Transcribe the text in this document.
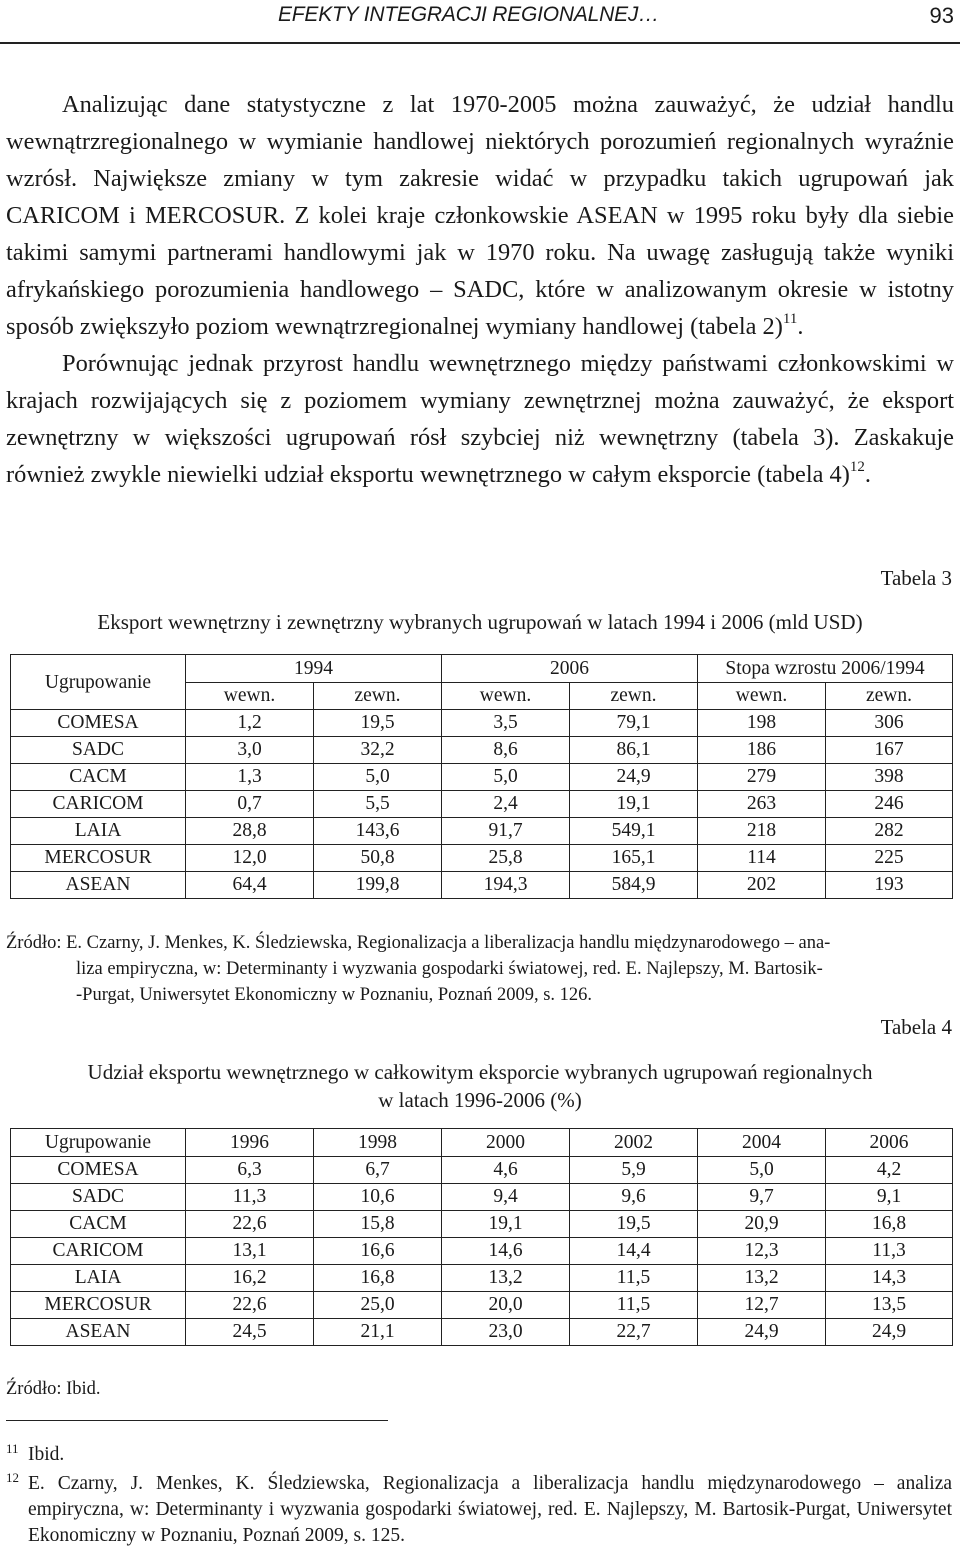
EFEKTY INTEGRACJI REGIONALNEJ…	93

Analizując dane statystyczne z lat 1970-2005 można zauważyć, że udział handlu wewnątrzregionalnego w wymianie handlowej niektórych porozumień regionalnych wyraźnie wzrósł. Największe zmiany w tym zakresie widać w przypadku takich ugrupowań jak CARICOM i MERCOSUR. Z kolei kraje członkowskie ASEAN w 1995 roku były dla siebie takimi samymi partnerami handlowymi jak w 1970 roku. Na uwagę zasługują także wyniki afrykańskiego porozumienia handlowego – SADC, które w analizowanym okresie w istotny sposób zwiększyło poziom wewnątrzregionalnej wymiany handlowej (tabela 2)$^{11}$.

Porównując jednak przyrost handlu wewnętrznego między państwami członkowskimi w krajach rozwijających się z poziomem wymiany zewnętrznej można zauważyć, że eksport zewnętrzny w większości ugrupowań rósł szybciej niż wewnętrzny (tabela 3). Zaskakuje również zwykle niewielki udział eksportu wewnętrznego w całym eksporcie (tabela 4)$^{12}$.

Tabela 3
Eksport wewnętrzny i zewnętrzny wybranych ugrupowań w latach 1994 i 2006 (mld USD)
Ugrupowanie	1994		2006		Stopa wzrostu 2006/1994	
	wewn.	zewn.	wewn.	zewn.	wewn.	zewn.
COMESA	1,2	19,5	3,5	79,1	198	306
SADC	3,0	32,2	8,6	86,1	186	167
CACM	1,3	5,0	5,0	24,9	279	398
CARICOM	0,7	5,5	2,4	19,1	263	246
LAIA	28,8	143,6	91,7	549,1	218	282
MERCOSUR	12,0	50,8	25,8	165,1	114	225
ASEAN	64,4	199,8	194,3	584,9	202	193
Źródło: E. Czarny, J. Menkes, K. Śledziewska, Regionalizacja a liberalizacja handlu międzynarodowego – ana-
liza empiryczna, w: Determinanty i wyzwania gospodarki światowej, red. E. Najlepszy, M. Bartosik-
-Purgat, Uniwersytet Ekonomiczny w Poznaniu, Poznań 2009, s. 126.
Tabela 4
Udział eksportu wewnętrznego w całkowitym eksporcie wybranych ugrupowań regionalnych
w latach 1996-2006 (%)
Ugrupowanie	1996	1998	2000	2002	2004	2006
COMESA	6,3	6,7	4,6	5,9	5,0	4,2
SADC	11,3	10,6	9,4	9,6	9,7	9,1
CACM	22,6	15,8	19,1	19,5	20,9	16,8
CARICOM	13,1	16,6	14,6	14,4	12,3	11,3
LAIA	16,2	16,8	13,2	11,5	13,2	14,3
MERCOSUR	22,6	25,0	20,0	11,5	12,7	13,5
ASEAN	24,5	21,1	23,0	22,7	24,9	24,9
Źródło: Ibid.
11 Ibid.
12 E. Czarny, J. Menkes, K. Śledziewska, Regionalizacja a liberalizacja handlu międzynarodowego – analiza empiryczna, w: Determinanty i wyzwania gospodarki światowej, red. E. Najlepszy, M. Bartosik-Purgat, Uniwersytet Ekonomiczny w Poznaniu, Poznań 2009, s. 125.
